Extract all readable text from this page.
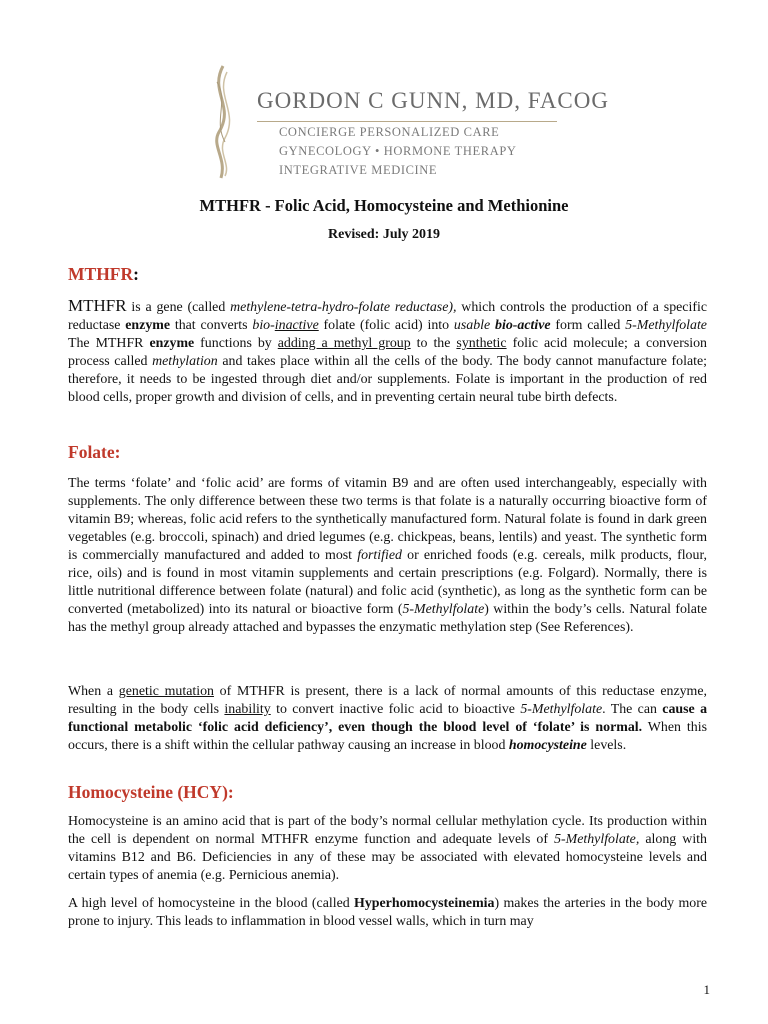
GORDON C GUNN, MD, FACOG
CONCIERGE PERSONALIZED CARE
GYNECOLOGY • HORMONE THERAPY
INTEGRATIVE MEDICINE
MTHFR - Folic Acid, Homocysteine and Methionine
Revised: July 2019
MTHFR:
MTHFR is a gene (called methylene-tetra-hydro-folate reductase), which controls the production of a specific reductase enzyme that converts bio-inactive folate (folic acid) into usable bio-active form called 5-Methylfolate The MTHFR enzyme functions by adding a methyl group to the synthetic folic acid molecule; a conversion process called methylation and takes place within all the cells of the body. The body cannot manufacture folate; therefore, it needs to be ingested through diet and/or supplements. Folate is important in the production of red blood cells, proper growth and division of cells, and in preventing certain neural tube birth defects.
Folate:
The terms ‘folate’ and ‘folic acid’ are forms of vitamin B9 and are often used interchangeably, especially with supplements. The only difference between these two terms is that folate is a naturally occurring bioactive form of vitamin B9; whereas, folic acid refers to the synthetically manufactured form. Natural folate is found in dark green vegetables (e.g. broccoli, spinach) and dried legumes (e.g. chickpeas, beans, lentils) and yeast. The synthetic form is commercially manufactured and added to most fortified or enriched foods (e.g. cereals, milk products, flour, rice, oils) and is found in most vitamin supplements and certain prescriptions (e.g. Folgard). Normally, there is little nutritional difference between folate (natural) and folic acid (synthetic), as long as the synthetic form can be converted (metabolized) into its natural or bioactive form (5-Methylfolate) within the body’s cells. Natural folate has the methyl group already attached and bypasses the enzymatic methylation step (See References).
When a genetic mutation of MTHFR is present, there is a lack of normal amounts of this reductase enzyme, resulting in the body cells inability to convert inactive folic acid to bioactive 5-Methylfolate. The can cause a functional metabolic ‘folic acid deficiency’, even though the blood level of ‘folate’ is normal. When this occurs, there is a shift within the cellular pathway causing an increase in blood homocysteine levels.
Homocysteine (HCY):
Homocysteine is an amino acid that is part of the body’s normal cellular methylation cycle. Its production within the cell is dependent on normal MTHFR enzyme function and adequate levels of 5-Methylfolate, along with vitamins B12 and B6. Deficiencies in any of these may be associated with elevated homocysteine levels and certain types of anemia (e.g. Pernicious anemia).
A high level of homocysteine in the blood (called Hyperhomocysteinemia) makes the arteries in the body more prone to injury. This leads to inflammation in blood vessel walls, which in turn may
1
